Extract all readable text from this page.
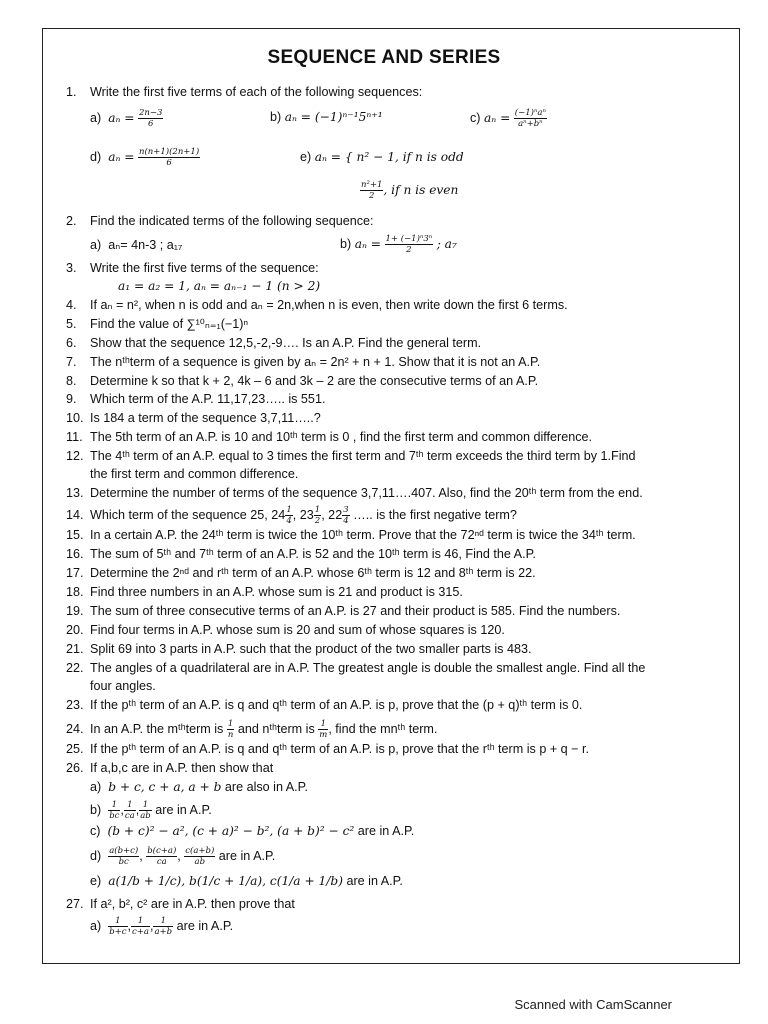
SEQUENCE AND SERIES
1. Write the first five terms of each of the following sequences:
a) $a_n = \frac{2n-3}{6}$	b) aₙ = (−1)ⁿ⁻¹5ⁿ⁺¹	c) $a_n = \frac{\text{(−1)ⁿaⁿ}}{\text{aⁿ+bⁿ}}$
d) $a_n = \frac{n(n+1)(2n+1)}{6}$	e) aₙ = { n² − 1, if n is odd
$\frac{\text{n²+1}}{2}$ , if n is even
2. Find the indicated terms of the following sequence:
a) aₙ= 4n-3 ; a₁₇	b) $a_n = \frac{\text{1+ (−1)ⁿ3ⁿ}}{2}$ ; a₇
3. Write the first five terms of the sequence:
a₁ = a₂ = 1, aₙ = aₙ₋₁ − 1 (n > 2)
4. If aₙ = n², when n is odd and aₙ = 2n,when n is even, then write down the first 6 terms.
5. Find the value of ∑¹⁰ₙ₌₁(−1)ⁿ
6. Show that the sequence 12,5,-2,-9…. Is an A.P. Find the general term.
7. The nᵗʰterm of a sequence is given by aₙ = 2n² + n + 1. Show that it is not an A.P.
8. Determine k so that k + 2, 4k – 6 and 3k – 2 are the consecutive terms of an A.P.
9. Which term of the A.P. 11,17,23….. is 551.
10. Is 184 a term of the sequence 3,7,11…..?
11. The 5th term of an A.P. is 10 and 10ᵗʰ term is 0 , find the first term and common difference.
12. The 4ᵗʰ term of an A.P. equal to 3 times the first term and 7ᵗʰ term exceeds the third term by 1.Find
the first term and common difference.
13. Determine the number of terms of the sequence 3,7,11….407. Also, find the 20ᵗʰ term from the end.
14. Which term of the sequence 25, $24 \frac{1}{4}$ , $23 \frac{1}{2}$ , $22 \frac{3}{4}$ ….. is the first negative term?
15. In a certain A.P. the 24ᵗʰ term is twice the 10ᵗʰ term. Prove that the 72ⁿᵈ term is twice the 34ᵗʰ term.
16. The sum of 5ᵗʰ and 7ᵗʰ term of an A.P. is 52 and the 10ᵗʰ term is 46, Find the A.P.
17. Determine the 2ⁿᵈ and rᵗʰ term of an A.P. whose 6ᵗʰ term is 12 and 8ᵗʰ term is 22.
18. Find three numbers in an A.P. whose sum is 21 and product is 315.
19. The sum of three consecutive terms of an A.P. is 27 and their product is 585. Find the numbers.
20. Find four terms in A.P. whose sum is 20 and sum of whose squares is 120.
21. Split 69 into 3 parts in A.P. such that the product of the two smaller parts is 483.
22. The angles of a quadrilateral are in A.P. The greatest angle is double the smallest angle. Find all the
four angles.
23. If the pᵗʰ term of an A.P. is q and qᵗʰ term of an A.P. is p, prove that the (p + q)ᵗʰ term is 0.
24. In an A.P. the mᵗʰterm is $\frac{1}{n}$ and nᵗʰterm is $\frac{1}{m}$ , find the mnᵗʰ term.
25. If the pᵗʰ term of an A.P. is q and qᵗʰ term of an A.P. is p, prove that the rᵗʰ term is p + q − r.
26. If a,b,c are in A.P. then show that
a) b + c, c + a, a + b are also in A.P.
$b) \frac{1}{bc}$ , $\frac{1}{ca}$ , $\frac{1}{ab}$ are in A.P.
c) (b + c)² − a², (c + a)² − b², (a + b)² − c² are in A.P.
$d) \frac{a(b+c)}{bc}$ , $\frac{b(c+a)}{ca}$ , $\frac{c(a+b)}{ab}$ are in A.P.
e) a(1/b + 1/c), b(1/c + 1/a), c(1/a + 1/b) are in A.P.
27. If a², b², c² are in A.P. then prove that
$a) \frac{1}{b+c}$ , $\frac{1}{c+a}$ , $\frac{1}{a+b}$ are in A.P.
Scanned with CamScanner
